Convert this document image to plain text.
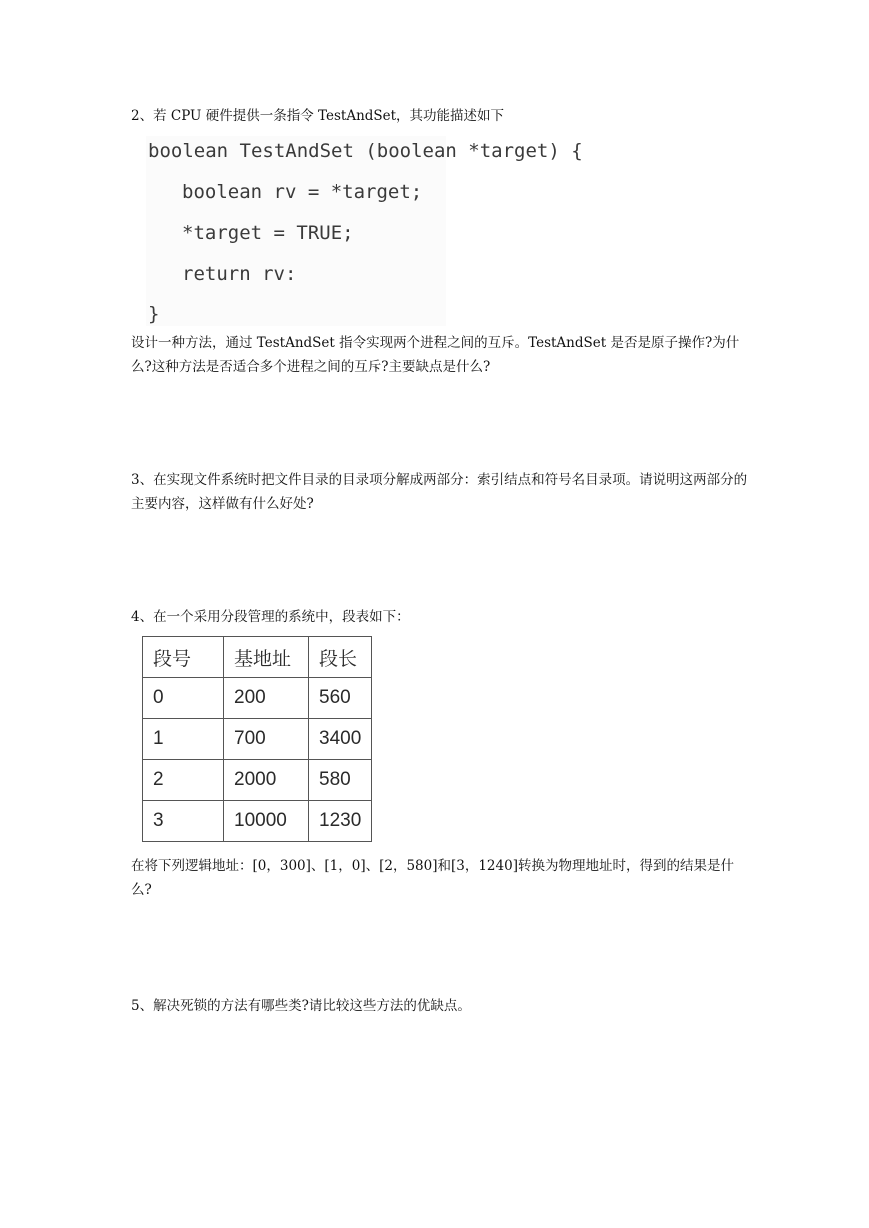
2、若 CPU 硬件提供一条指令 TestAndSet，其功能描述如下

boolean TestAndSet (boolean *target) {
boolean rv = *target;
*target = TRUE;
return rv:
}

设计一种方法，通过 TestAndSet 指令实现两个进程之间的互斥。TestAndSet 是否是原子操作?为什么?这种方法是否适合多个进程之间的互斥?主要缺点是什么?

3、在实现文件系统时把文件目录的目录项分解成两部分：索引结点和符号名目录项。请说明这两部分的主要内容，这样做有什么好处?

4、在一个采用分段管理的系统中，段表如下：

段号	基地址	段长
0	200	560
1	700	3400
2	2000	580
3	10000	1230

在将下列逻辑地址：[0，300]、[1，0]、[2，580]和[3，1240]转换为物理地址时，得到的结果是什么?

5、解决死锁的方法有哪些类?请比较这些方法的优缺点。
